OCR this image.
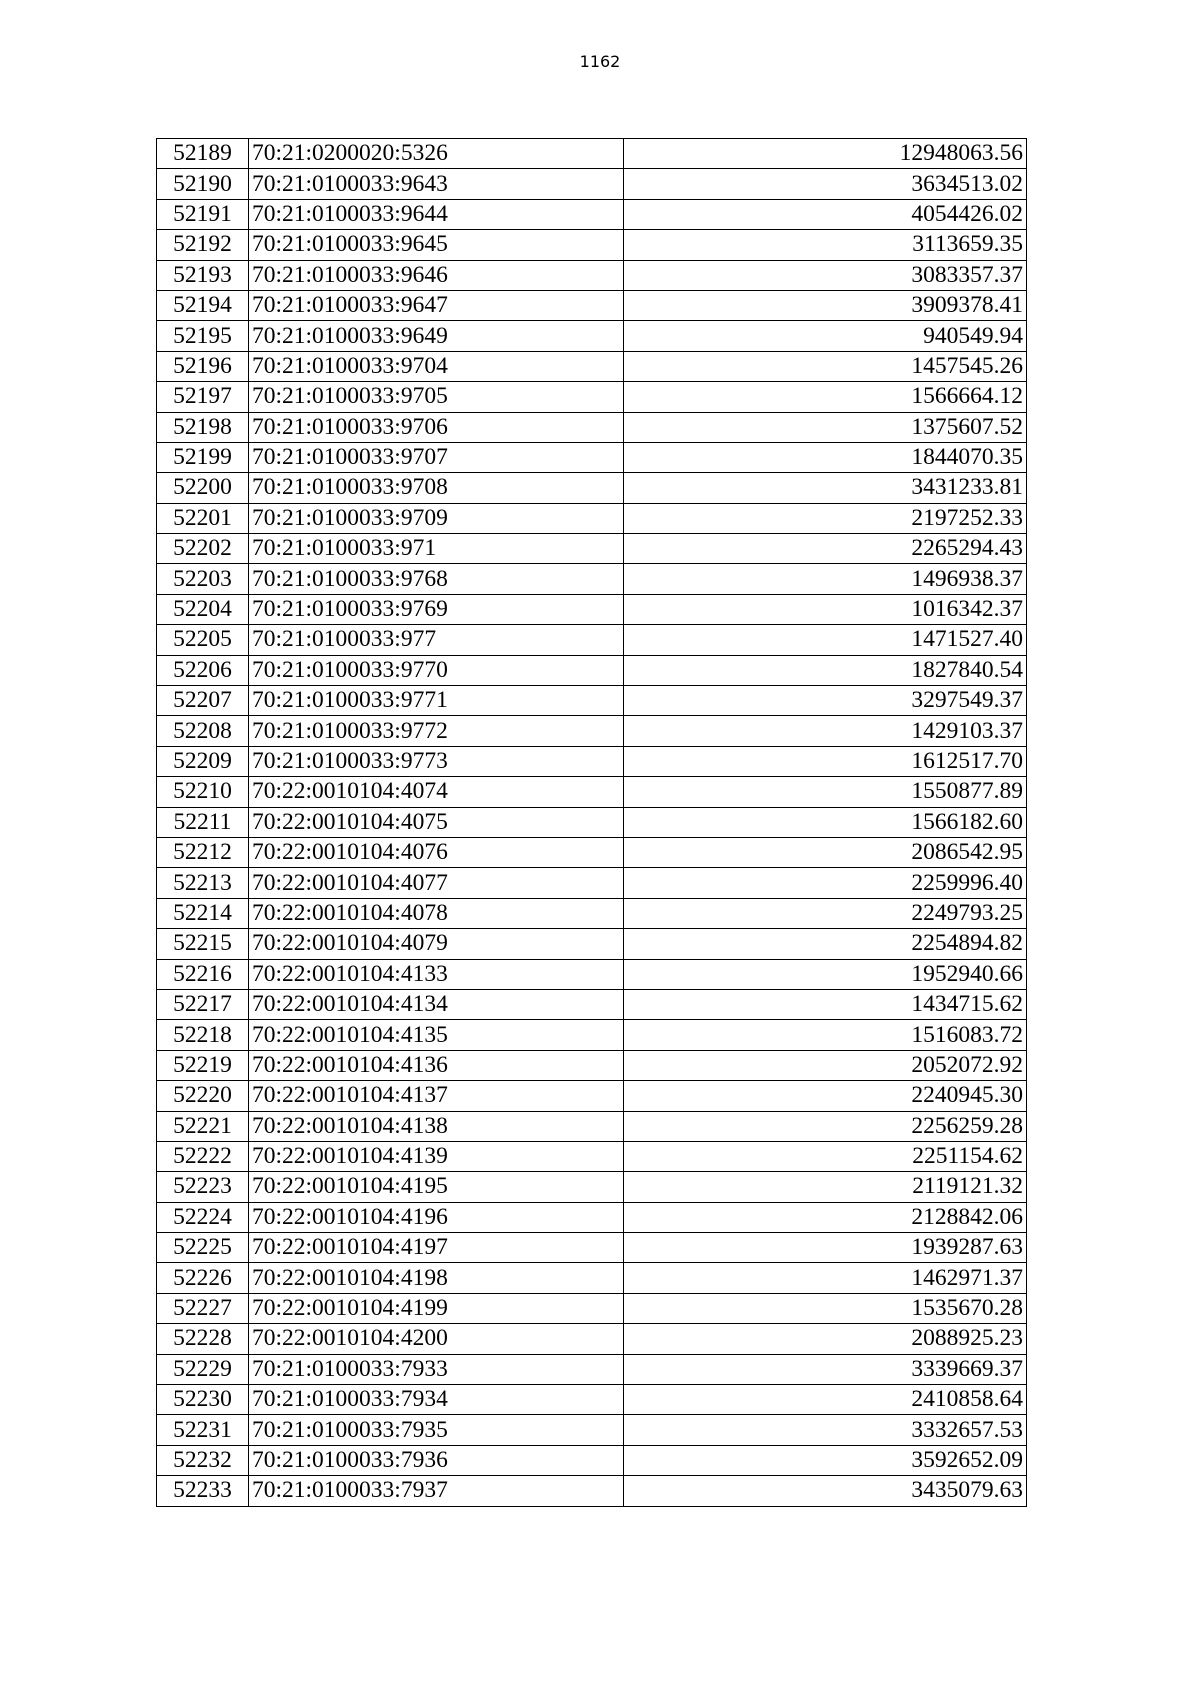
1162
52189	70:21:0200020:5326	12948063.56
52190	70:21:0100033:9643	3634513.02
52191	70:21:0100033:9644	4054426.02
52192	70:21:0100033:9645	3113659.35
52193	70:21:0100033:9646	3083357.37
52194	70:21:0100033:9647	3909378.41
52195	70:21:0100033:9649	940549.94
52196	70:21:0100033:9704	1457545.26
52197	70:21:0100033:9705	1566664.12
52198	70:21:0100033:9706	1375607.52
52199	70:21:0100033:9707	1844070.35
52200	70:21:0100033:9708	3431233.81
52201	70:21:0100033:9709	2197252.33
52202	70:21:0100033:971	2265294.43
52203	70:21:0100033:9768	1496938.37
52204	70:21:0100033:9769	1016342.37
52205	70:21:0100033:977	1471527.40
52206	70:21:0100033:9770	1827840.54
52207	70:21:0100033:9771	3297549.37
52208	70:21:0100033:9772	1429103.37
52209	70:21:0100033:9773	1612517.70
52210	70:22:0010104:4074	1550877.89
52211	70:22:0010104:4075	1566182.60
52212	70:22:0010104:4076	2086542.95
52213	70:22:0010104:4077	2259996.40
52214	70:22:0010104:4078	2249793.25
52215	70:22:0010104:4079	2254894.82
52216	70:22:0010104:4133	1952940.66
52217	70:22:0010104:4134	1434715.62
52218	70:22:0010104:4135	1516083.72
52219	70:22:0010104:4136	2052072.92
52220	70:22:0010104:4137	2240945.30
52221	70:22:0010104:4138	2256259.28
52222	70:22:0010104:4139	2251154.62
52223	70:22:0010104:4195	2119121.32
52224	70:22:0010104:4196	2128842.06
52225	70:22:0010104:4197	1939287.63
52226	70:22:0010104:4198	1462971.37
52227	70:22:0010104:4199	1535670.28
52228	70:22:0010104:4200	2088925.23
52229	70:21:0100033:7933	3339669.37
52230	70:21:0100033:7934	2410858.64
52231	70:21:0100033:7935	3332657.53
52232	70:21:0100033:7936	3592652.09
52233	70:21:0100033:7937	3435079.63
